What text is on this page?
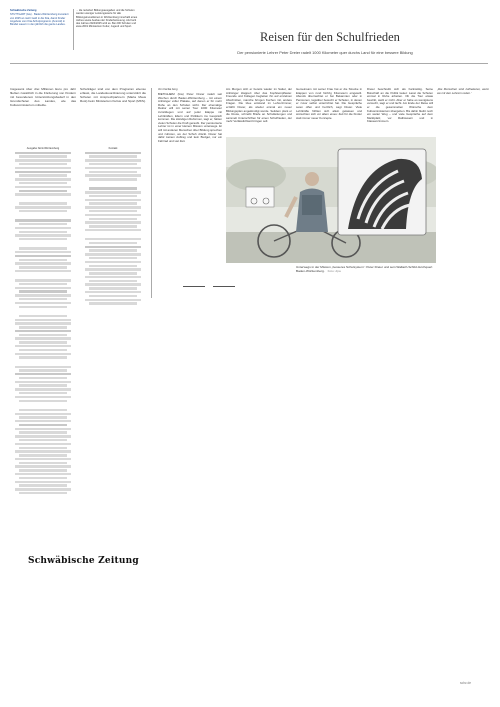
Schwäbische Zeitung
STUTTGART (lsw) · Baden-Württemberg investiert von 2025 an mehr Geld in die Kita, damit Kinder Angebote vom Kita-Schulprogramm (Ansmid) in Bündel Lauern in den jährlich die ganze Landes.
... die reduziert Bildungsausgaben und die Schulen werden weniger Leistungswerte für alle Bildungsinvestitionen in Württemberg innerhalb eines Jahres sowie Ausbau der Kinderbetreuung. Als Fazit des Jahres 2024/2025 wird es. Bei 200 Schulen und etwa 2019 Ministerium Kultur, Jugend und Sport.
Reisen für den Schulfrieden
Der pensionierte Lehrer Peter Dreier radelt 1000 Kilometer quer durchs Land für eine bessere Bildung
Insgesamt über drei Millionen Euro pro Jahr fließen zusätzlich in die Förderung von Kindern mit besonderem Unterstützungsbedarf in den Grundschulen des Landes, wie das Kultusministerium mitteilte.
Schulträger sind von dem Programm ebenso erfasst, die Landeskoordinierung unterstützt die Schulen mit Ansprechpartnern (Marta Maus Rost) beim Ministerium Kultus und Sport (MKS).
Ausgabe Nord-Württemberg	Kontakt
Von Cecilia Gorg
BIETIGHEIM (lsw) Peter Dreier radelt seit Wochen durch Baden-Württemberg – mit einem Anhänger voller Plakate, auf denen er für mehr Ruhe an den Schulen wirbt. Der ehemalige Rektor will mit seiner Tour 1000 Kilometer zurücklegen und auf jeder Etappe mit Lehrkräften, Eltern und Politikern ins Gespräch kommen. Die ständigen Reformen, sagt er, hätten vielen Schulen die Kraft geraubt. Der pensionierte Lehrer ist in einer kleinen Mission unterwegs. Er will mit anderen Menschen über Bildung sprechen und zuhören, wo der Schuh drückt. Dreier hat dafür keinen Auftrag und kein Budget, nur ein Fahrrad und viel Zeit.
Am Morgen sitzt er bereits wieder im Sattel, der Anhänger klappert über das Kopfsteinpflaster. Freunde und Kollegen begleiten ihn auf einzelnen Abschnitten, manche bringen Kuchen mit, andere Fragen. Die Idee entstand im Lehrerzimmer, erzählt Dreier, als wieder einmal ein neuer Bildungsplan angekündigt wurde. Seitdem plant er die Route, schreibt Briefe an Schulleitungen und sammelt Unterschriften für einen Schulfrieden, der mehr Verlässlichkeit bringen soll.
Gemeinsam mit seiner Frau hat er die Strecke in Etappen von rund fünfzig Kilometern eingeteilt. Abends übernachtet er bei Bekannten oder in Pensionen, tagsüber besucht er Schulen, in denen er zuvor selbst unterrichtet hat. Die Gespräche seien offen und herzlich, sagt Dreier. Viele Lehrkräfte fühlten sich allein gelassen und wünschten sich vor allem eines: Zeit für die Kinder statt immer neuer Konzepte.
Dreier beschreibt sich als hartnäckig. Seine Botschaft an die Politik lautet: Lasst die Schulen einmal in Ruhe arbeiten. Ob die Tour etwas bewirkt, weiß er nicht. Aber er habe es wenigstens versucht, sagt er und lacht. Am Ende der Reise will er die gesammelten Wünsche dem Kultusministerium übergeben. Bis dahin bleibt noch ein weiter Weg – und viele Gespräche auf dem Marktplatz, vor Rathäusern und in Klassenzimmern.
„Die Menschen sind zufriedener, wenn sie mit den Lehrern reden.“
Unterwegs in der Mission „besseres Schulsystem“: Peter Dreier und sein Wallach-Schild durchquert Baden-Württemberg. Foto: dpa
Schwäbische Zeitung
schz.de
